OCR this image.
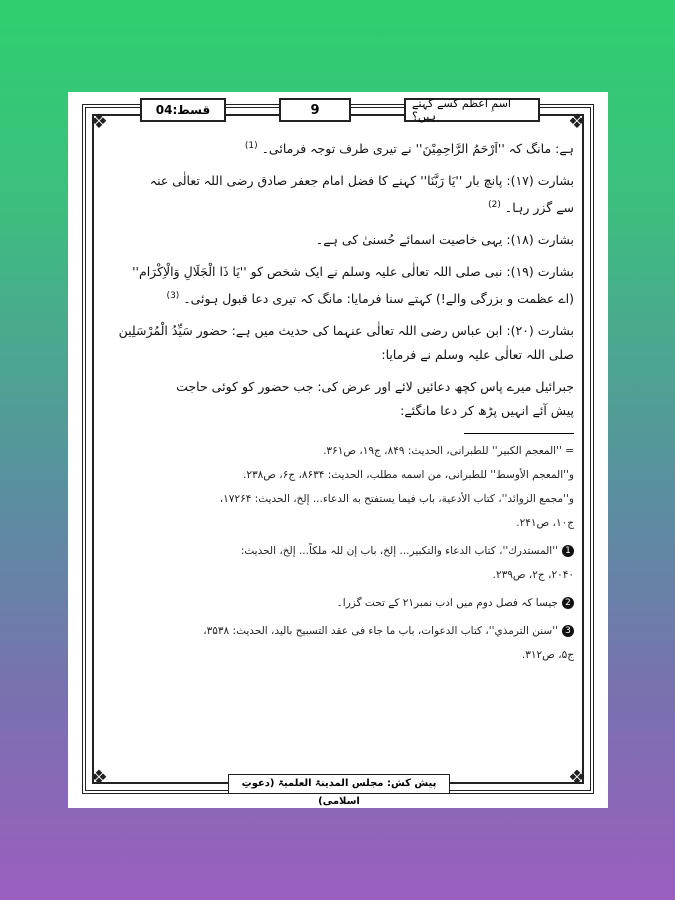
❖	❖
❖	❖
قسط:04	9	اسمِ اعظم کسے کہتے ہیں؟

ہے: مانگ کہ ''اَرْحَمُ الرَّاحِمِیْنَ'' نے تیری طرف توجہ فرمائی۔ $^{(1)}$

بشارت (۱۷): پانچ بار ''یَا رَبَّنَا'' کہنے کا فضل امام جعفر صادق رضی اللہ تعالٰی عنہ

سے گزر رہا۔ $^{(2)}$

بشارت (۱۸): یہی خاصیت اسمائے حُسنیٰ کی ہے۔

بشارت (۱۹): نبی صلی اللہ تعالٰی علیہ وسلم نے ایک شخص کو ''یَا ذَا الْجَلَالِ وَالْاِکْرَام''

(اے عظمت و بزرگی والے!) کہتے سنا فرمایا: مانگ کہ تیری دعا قبول ہوئی۔ $^{(3)}$

بشارت (۲۰): ابن عباس رضی اللہ تعالٰی عنہما کی حدیث میں ہے: حضور سَیِّدُ الْمُرْسَلِین

صلی اللہ تعالٰی علیہ وسلم نے فرمایا:

جبرائیل میرے پاس کچھ دعائیں لائے اور عرض کی: جب حضور کو کوئی حاجت

پیش آئے انہیں پڑھ کر دعا مانگئے:

= ''المعجم الکبیر'' للطبرانی، الحدیث: ۸۴۹، ج۱۹، ص۳۶۱.

و''المعجم الأوسط'' للطبرانی، من اسمه مطلب، الحدیث: ۸۶۳۴، ج۶، ص۲۳۸.

و''مجمع الزوائد''، کتاب الأدعیة، باب فیما یستفتح به الدعاء... إلخ، الحدیث: ۱۷۲۶۴،

ج۱۰، ص۲۴۱.

1''المستدرك''، کتاب الدعاء والتکبیر... إلخ، باب إن للہ ملکاً... إلخ، الحدیث:

۲۰۴۰، ج۲، ص۲۳۹.

2جیسا کہ فصل دوم میں ادب نمبر۲۱ کے تحت گزرا۔

3''سنن الترمذي''، کتاب الدعوات، باب ما جاء فی عقد التسبیح بالید، الحدیث: ۳۵۳۸،

ج۵، ص۳۱۲.

پیش کش: مجلس المدینۃ العلمیۃ (دعوتِ اسلامی)
